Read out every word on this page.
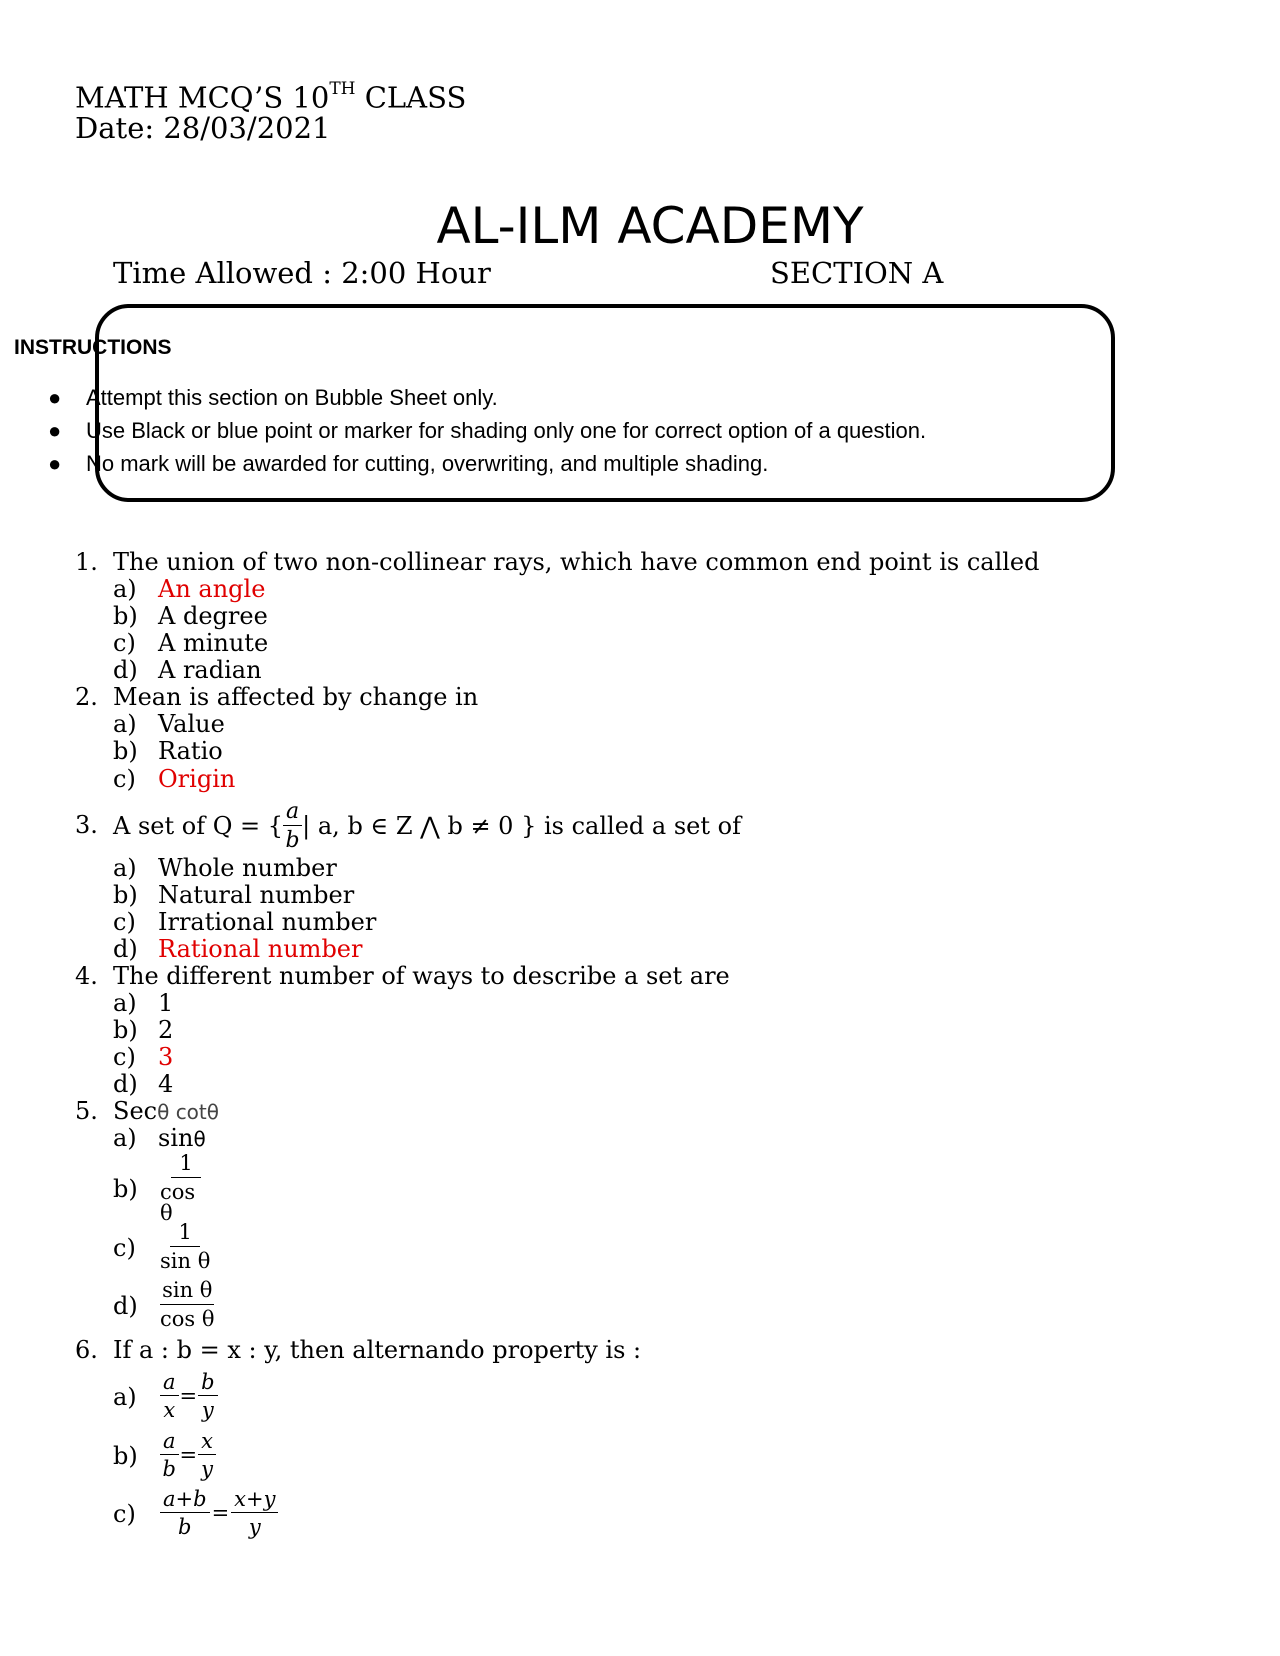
MATH MCQ’S 10TH CLASS
Date: 28/03/2021
AL-ILM ACADEMY
Time Allowed : 2:00 Hour	SECTION A
INSTRUCTIONS
● Attempt this section on Bubble Sheet only.
● Use Black or blue point or marker for shading only one for correct option of a question.
● No mark will be awarded for cutting, overwriting, and multiple shading.
1. The union of two non-collinear rays, which have common end point is called
a) An angle
b) A degree
c) A minute
d) A radian
2. Mean is affected by change in
a) Value
b) Ratio
c) Origin
3. A set of Q = { $\frac{a}{b}$ | a, b ∈ Z ⋀ b ≠ 0 } is called a set of
a) Whole number
b) Natural number
c) Irrational number
d) Rational number
4. The different number of ways to describe a set are
a) 1
b) 2
c) 3
d) 4
5. Secθ cotθ
a) sinθ
$b) \frac{1}{\text{cos θ}}$
$c) \frac{1}{\text{sin θ}}$
$d) \frac{\text{sin θ}}{\text{cos θ}}$
6. If a : b = x : y, then alternando property is :
$a) \frac{a}{x} = \frac{b}{y}$
$b) \frac{a}{b} = \frac{x}{y}$
$c) \frac{a+b}{b} = \frac{x+y}{y}$
